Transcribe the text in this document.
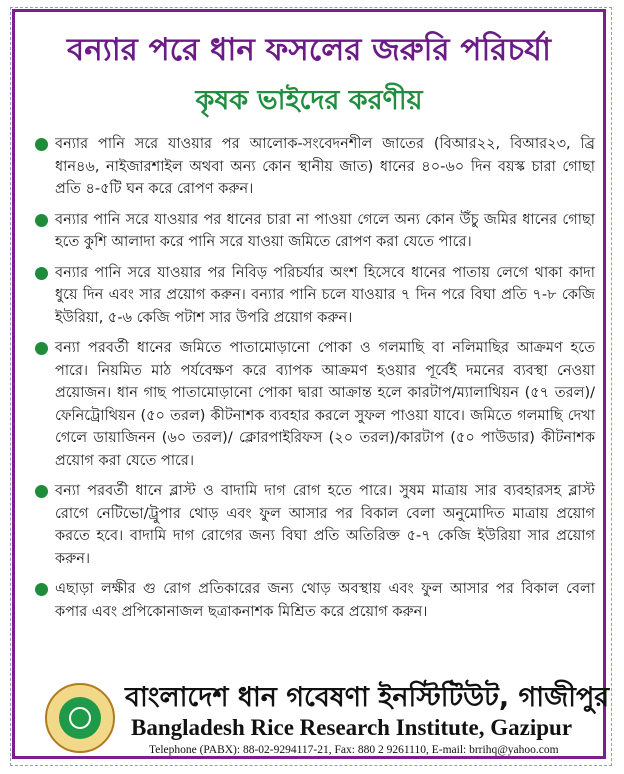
বন্যার পরে ধান ফসলের জরুরি পরিচর্যা
কৃষক ভাইদের করণীয়
বন্যার পানি সরে যাওয়ার পর আলোক-সংবেদনশীল জাতের (বিআর২২, বিআর২৩, ব্রি ধান৪৬, নাইজারশাইল অথবা অন্য কোন স্থানীয় জাত) ধানের ৪০-৬০ দিন বয়স্ক চারা গোছা প্রতি ৪-৫টি ঘন করে রোপণ করুন।
বন্যার পানি সরে যাওয়ার পর ধানের চারা না পাওয়া গেলে অন্য কোন উঁচু জমির ধানের গোছা হতে কুশি আলাদা করে পানি সরে যাওয়া জমিতে রোপণ করা যেতে পারে।
বন্যার পানি সরে যাওয়ার পর নিবিড় পরিচর্যার অংশ হিসেবে ধানের পাতায় লেগে থাকা কাদা ধুয়ে দিন এবং সার প্রয়োগ করুন। বন্যার পানি চলে যাওয়ার ৭ দিন পরে বিঘা প্রতি ৭-৮ কেজি ইউরিয়া, ৫-৬ কেজি পটাশ সার উপরি প্রয়োগ করুন।
বন্যা পরবর্তী ধানের জমিতে পাতামোড়ানো পোকা ও গলমাছি বা নলিমাছির আক্রমণ হতে পারে। নিয়মিত মাঠ পর্যবেক্ষণ করে ব্যাপক আক্রমণ হওয়ার পূর্বেই দমনের ব্যবস্থা নেওয়া প্রয়োজন। ধান গাছ পাতামোড়ানো পোকা দ্বারা আক্রান্ত হলে কারটাপ/ম্যালাথিয়ন (৫৭ তরল)/ফেনিট্রোথিয়ন (৫০ তরল) কীটনাশক ব্যবহার করলে সুফল পাওয়া যাবে। জমিতে গলমাছি দেখা গেলে ডায়াজিনন (৬০ তরল)/ ক্লোরপাইরিফস (২০ তরল)/কারটাপ (৫০ পাউডার) কীটনাশক প্রয়োগ করা যেতে পারে।
বন্যা পরবর্তী ধানে ব্লাস্ট ও বাদামি দাগ রোগ হতে পারে। সুষম মাত্রায় সার ব্যবহারসহ ব্লাস্ট রোগে নেটিভো/ট্রুপার থোড় এবং ফুল আসার পর বিকাল বেলা অনুমোদিত মাত্রায় প্রয়োগ করতে হবে। বাদামি দাগ রোগের জন্য বিঘা প্রতি অতিরিক্ত ৫-৭ কেজি ইউরিয়া সার প্রয়োগ করুন।
এছাড়া লক্ষীর গু রোগ প্রতিকারের জন্য থোড় অবস্থায় এবং ফুল আসার পর বিকাল বেলা কপার এবং প্রপিকোনাজল ছত্রাকনাশক মিশ্রিত করে প্রয়োগ করুন।
বাংলাদেশ ধান গবেষণা ইনস্টিটিউট, গাজীপুর
Bangladesh Rice Research Institute, Gazipur
Telephone (PABX): 88-02-9294117-21, Fax: 880 2 9261110, E-mail: brrihq@yahoo.com
